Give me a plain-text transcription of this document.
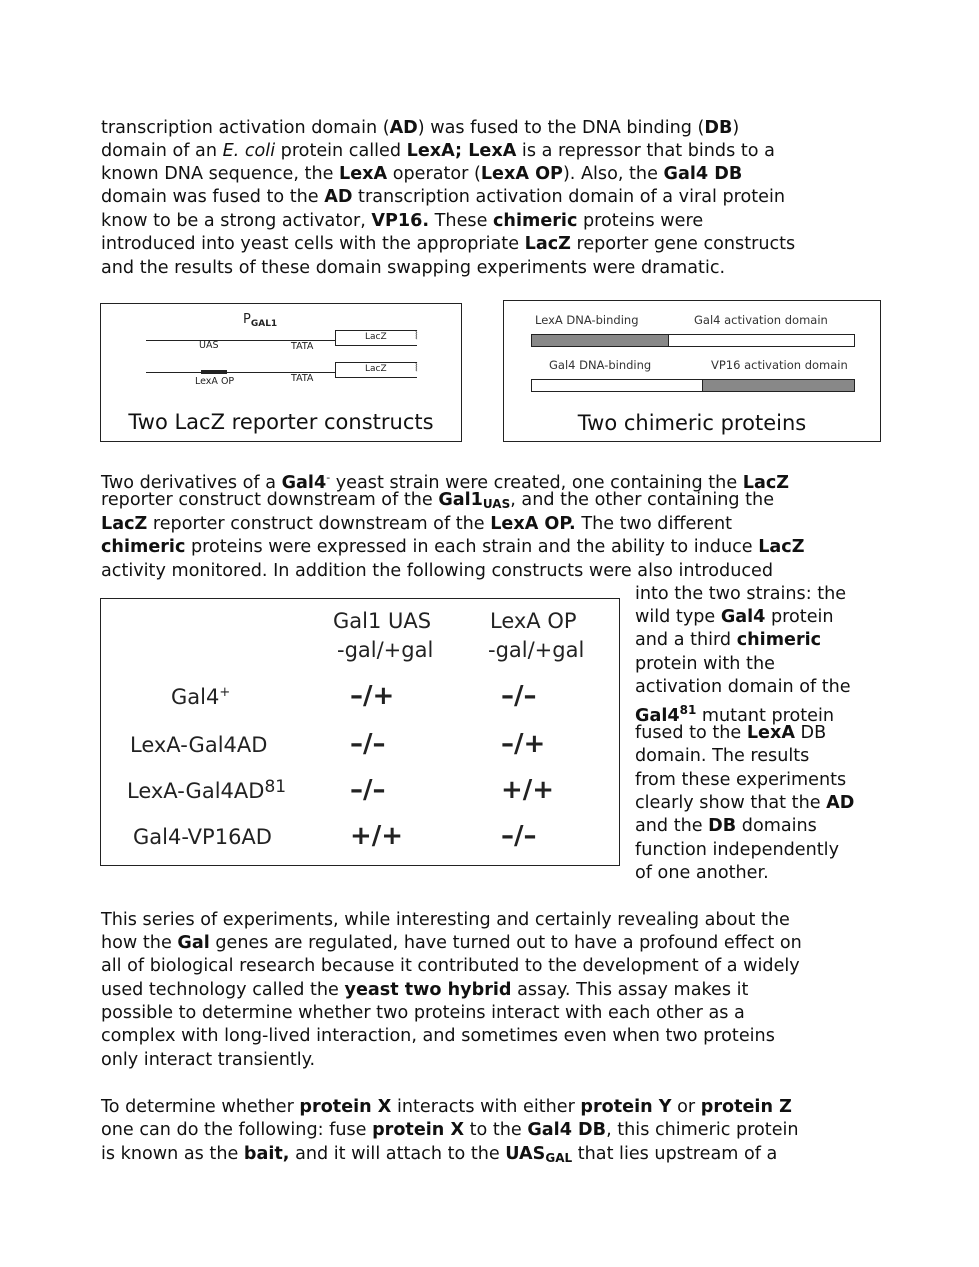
transcription activation domain (AD) was fused to the DNA binding (DB)

domain of an E. coli protein called LexA; LexA is a repressor that binds to a

known DNA sequence, the LexA operator (LexA OP). Also, the Gal4 DB

domain was fused to the AD transcription activation domain of a viral protein

know to be a strong activator, VP16. These chimeric proteins were

introduced into yeast cells with the appropriate LacZ reporter gene constructs

and the results of these domain swapping experiments were dramatic.

$P_{GAL1}$
LacZ ⧙
UAS	TATA
LacZ ⧙
LexA OP	TATA
Two LacZ reporter constructs
LexA DNA-binding	Gal4 activation domain
Gal4 DNA-binding	VP16 activation domain
Two chimeric proteins

Two derivatives of a Gal4- yeast strain were created, one containing the LacZ

reporter construct downstream of the $Gal1_{UAS}$, and the other containing the

LacZ reporter construct downstream of the LexA OP. The two different

chimeric proteins were expressed in each strain and the ability to induce LacZ

activity monitored. In addition the following constructs were also introduced

into the two strains: the

wild type Gal4 protein

and a third chimeric

protein with the

activation domain of the

$Gal4^{81}$ mutant protein

fused to the LexA DB

domain. The results

from these experiments

clearly show that the AD

and the DB domains

function independently

of one another.

Gal1 UAS
-gal/+gal
LexA OP
-gal/+gal
Gal4+	–/+	–/–
LexA-Gal4AD	–/–	–/+
LexA-$Gal4AD^{81}$ –/–	+/+
Gal4-VP16AD	+/+	–/–

This series of experiments, while interesting and certainly revealing about the

how the Gal genes are regulated, have turned out to have a profound effect on

all of biological research because it contributed to the development of a widely

used technology called the yeast two hybrid assay. This assay makes it

possible to determine whether two proteins interact with each other as a

complex with long-lived interaction, and sometimes even when two proteins

only interact transiently.

To determine whether protein X interacts with either protein Y or protein Z

one can do the following: fuse protein X to the Gal4 DB, this chimeric protein

is known as the bait, and it will attach to the $UAS_{GAL}$ that lies upstream of a
